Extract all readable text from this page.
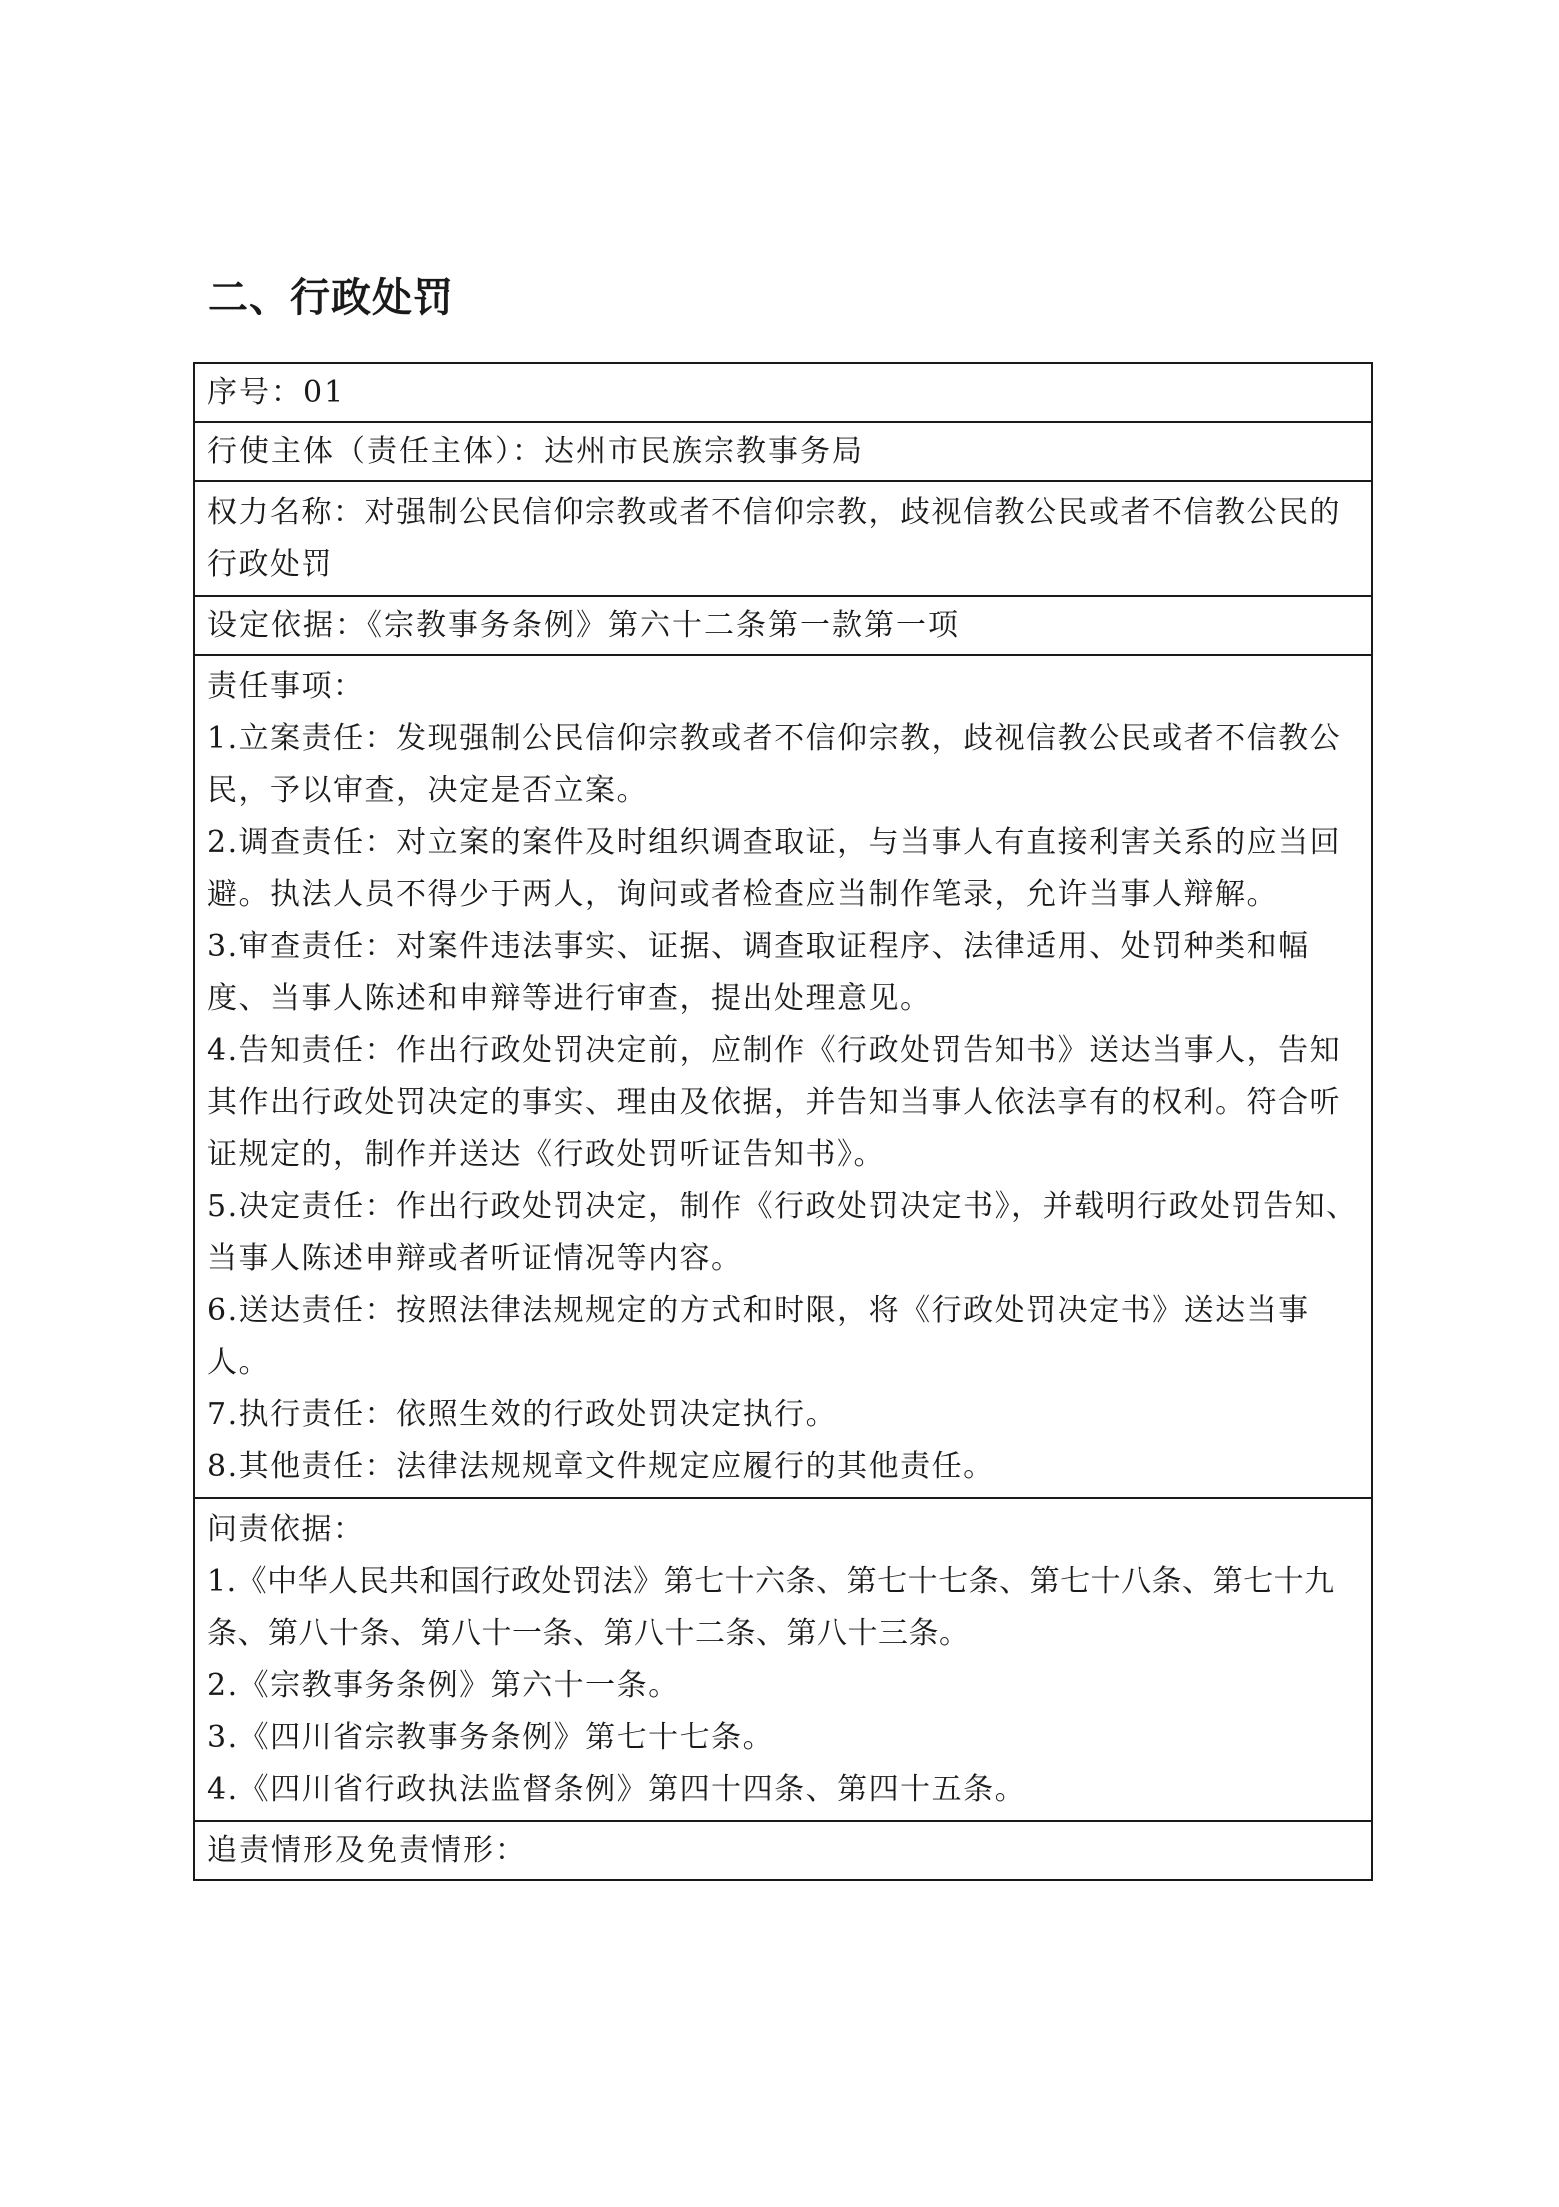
二、行政处罚
序号：01
行使主体（责任主体）：达州市民族宗教事务局

权力名称：对强制公民信仰宗教或者不信仰宗教，歧视信教公民或者不信教公民的行政处罚

设定依据：《宗教事务条例》第六十二条第一款第一项

责任事项：

1.立案责任：发现强制公民信仰宗教或者不信仰宗教，歧视信教公民或者不信教公民，予以审查，决定是否立案。

2.调查责任：对立案的案件及时组织调查取证，与当事人有直接利害关系的应当回避。执法人员不得少于两人，询问或者检查应当制作笔录，允许当事人辩解。

3.审查责任：对案件违法事实、证据、调查取证程序、法律适用、处罚种类和幅度、当事人陈述和申辩等进行审查，提出处理意见。

4.告知责任：作出行政处罚决定前，应制作《行政处罚告知书》送达当事人，告知其作出行政处罚决定的事实、理由及依据，并告知当事人依法享有的权利。符合听证规定的，制作并送达《行政处罚听证告知书》。

5.决定责任：作出行政处罚决定，制作《行政处罚决定书》，并载明行政处罚告知、当事人陈述申辩或者听证情况等内容。

6.送达责任：按照法律法规规定的方式和时限，将《行政处罚决定书》送达当事人。

7.执行责任：依照生效的行政处罚决定执行。

8.其他责任：法律法规规章文件规定应履行的其他责任。

问责依据：

1.《中华人民共和国行政处罚法》第七十六条、第七十七条、第七十八条、第七十九条、第八十条、第八十一条、第八十二条、第八十三条。

2.《宗教事务条例》第六十一条。

3.《四川省宗教事务条例》第七十七条。

4.《四川省行政执法监督条例》第四十四条、第四十五条。

追责情形及免责情形：
